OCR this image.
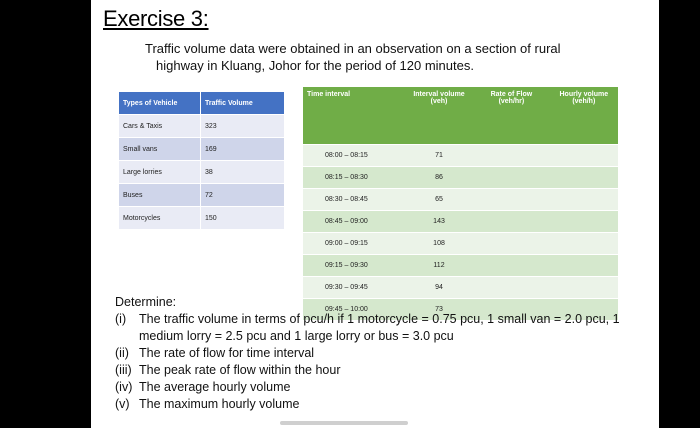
Exercise 3:
Traffic volume data were obtained in an observation on a section of rural
highway in Kluang, Johor for the period of 120 minutes.
Types of Vehicle	Traffic Volume
Cars & Taxis	323
Small vans	169
Large lorries	38
Buses	72
Motorcycles	150
Time interval	Interval volume (veh)	Rate of Flow (veh/hr)	Hourly volume (veh/h)
08:00 – 08:15	71		
08:15 – 08:30	86		
08:30 – 08:45	65		
08:45 – 09:00	143		
09:00 – 09:15	108		
09:15 – 09:30	112		
09:30 – 09:45	94		
09:45 – 10:00	73		
Determine:
(i)	The traffic volume in terms of pcu/h if 1 motorcycle = 0.75 pcu, 1 small van = 2.0 pcu, 1 medium lorry = 2.5 pcu and 1 large lorry or bus = 3.0 pcu
(ii) The rate of flow for time interval
(iii) The peak rate of flow within the hour
(iv) The average hourly volume
(v) The maximum hourly volume
